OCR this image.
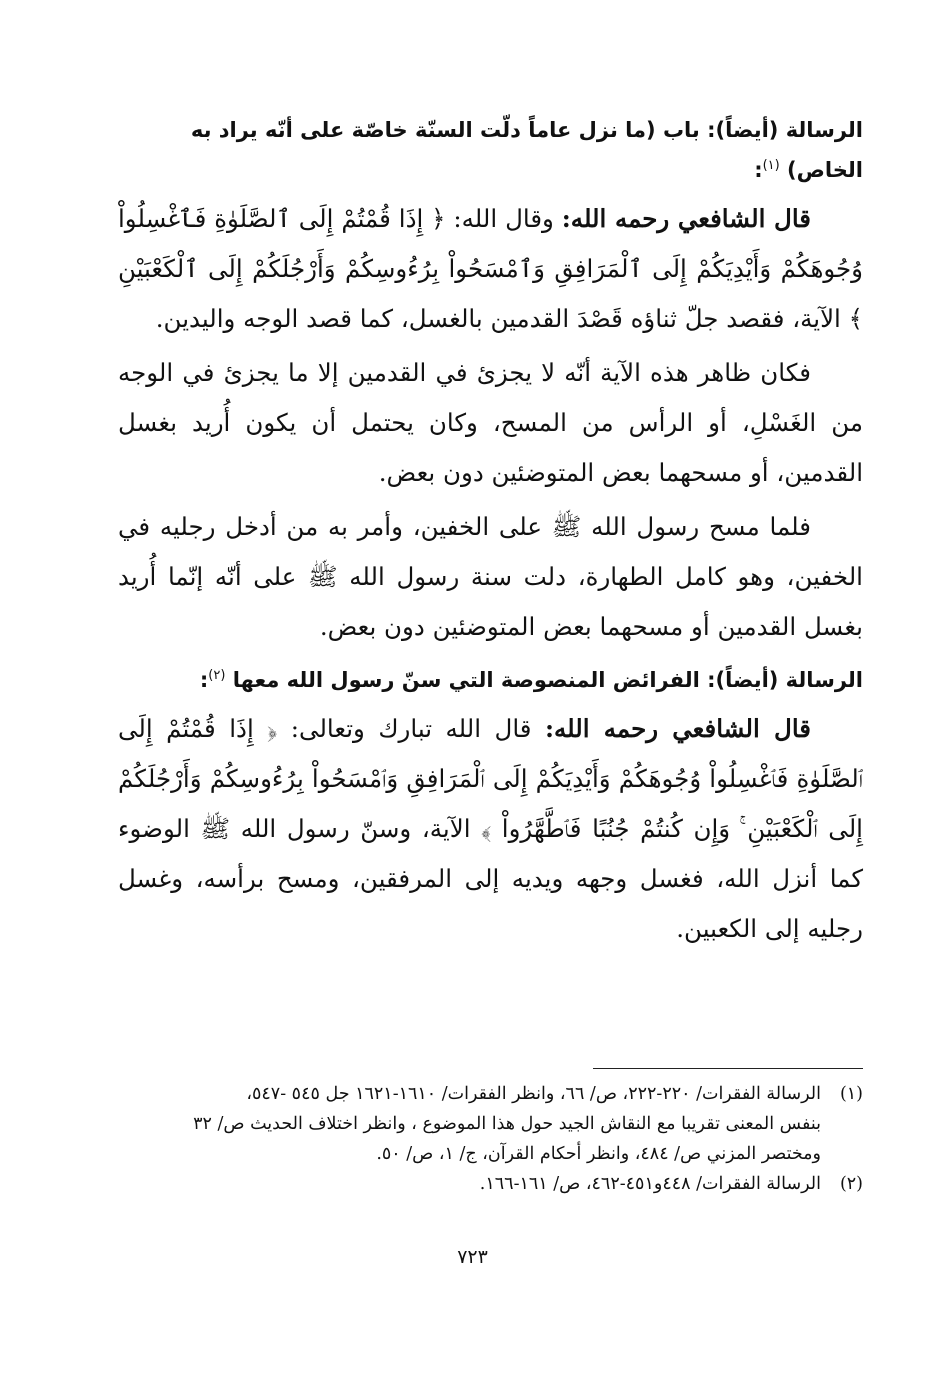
الرسالة (أيضاً): باب (ما نزل عاماً دلّت السنّة خاصّة على أنّه يراد به الخاص) $^{(١)}$:

قال الشافعي رحمه الله: وقال الله: ﴿ إِذَا قُمْتُمْ إِلَى ٱلصَّلَوٰةِ فَٱغْسِلُواْ وُجُوهَكُمْ وَأَيْدِيَكُمْ إِلَى ٱلْمَرَافِقِ وَٱمْسَحُواْ بِرُءُوسِكُمْ وَأَرْجُلَكُمْ إِلَى ٱلْكَعْبَيْنِ ﴾ الآية، فقصد جلّ ثناؤه قَصْدَ القدمين بالغسل، كما قصد الوجه واليدين.

فكان ظاهر هذه الآية أنّه لا يجزئ في القدمين إلا ما يجزئ في الوجه من الغَسْلِ، أو الرأس من المسح، وكان يحتمل أن يكون أُريد بغسل القدمين، أو مسحهما بعض المتوضئين دون بعض.

فلما مسح رسول الله ﷺ على الخفين، وأمر به من أدخل رجليه في الخفين، وهو كامل الطهارة، دلت سنة رسول الله ﷺ على أنّه إنّما أُريد بغسل القدمين أو مسحهما بعض المتوضئين دون بعض.

الرسالة (أيضاً): الفرائض المنصوصة التي سنّ رسول الله معها $^{(٢)}$:

قال الشافعي رحمه الله: قال الله تبارك وتعالى: ﴿ إِذَا قُمْتُمْ إِلَى ٱلصَّلَوٰةِ فَٱغْسِلُواْ وُجُوهَكُمْ وَأَيْدِيَكُمْ إِلَى ٱلْمَرَافِقِ وَٱمْسَحُواْ بِرُءُوسِكُمْ وَأَرْجُلَكُمْ إِلَى ٱلْكَعْبَيْنِ ۚ وَإِن كُنتُمْ جُنُبًا فَٱطَّهَّرُواْ ﴾ الآية، وسنّ رسول الله ﷺ الوضوء كما أنزل الله، فغسل وجهه ويديه إلى المرفقين، ومسح برأسه، وغسل رجليه إلى الكعبين.

(١)الرسالة الفقرات/ ٢٢٠-٢٢٢، ص/ ٦٦، وانظر الفقرات/ ١٦١٠-١٦٢١ جل ٥٤٥ -٥٤٧،

بنفس المعنى تقريبا مع النقاش الجيد حول هذا الموضوع ، وانظر اختلاف الحديث ص/ ٣٢

ومختصر المزني ص/ ٤٨٤، وانظر أحكام القرآن، ج/ ١، ص/ ٥٠.

(٢)الرسالة الفقرات/ ٤٤٨و٤٥١-٤٦٢، ص/ ١٦١-١٦٦.

٧٢٣
